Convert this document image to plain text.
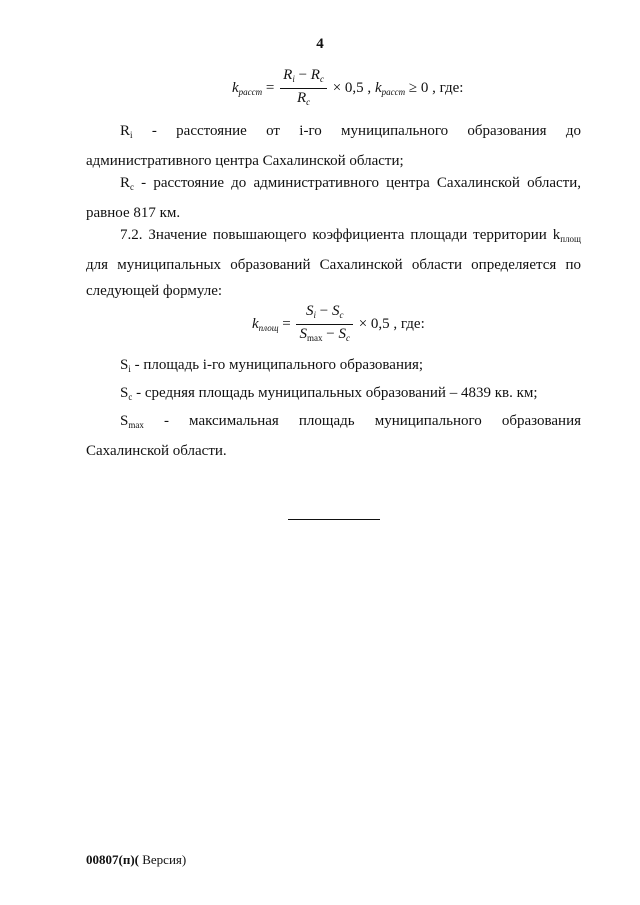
4
$k_{рассm} = \frac{R_i - R_c}{R_c} \times 0,5$ , $k_{рассm} \ge 0$ , где:
$R_i$ - расстояние от i-го муниципального образования до административного центра Сахалинской области;
$R_c$ - расстояние до административного центра Сахалинской области, равное 817 км.
7.2. Значение повышающего коэффициента площади территории $k_{площ}$ для муниципальных образований Сахалинской области определяется по следующей формуле:
$k_{площ} = \frac{S_i - S_c}{S_{max} - S_c} \times 0,5$ , где:
$S_i$ - площадь i-го муниципального образования;
$S_c$ - средняя площадь муниципальных образований – 4839 кв. км;
$S_{max}$ - максимальная площадь муниципального образования Сахалинской области.
00807(п)( Версия)
